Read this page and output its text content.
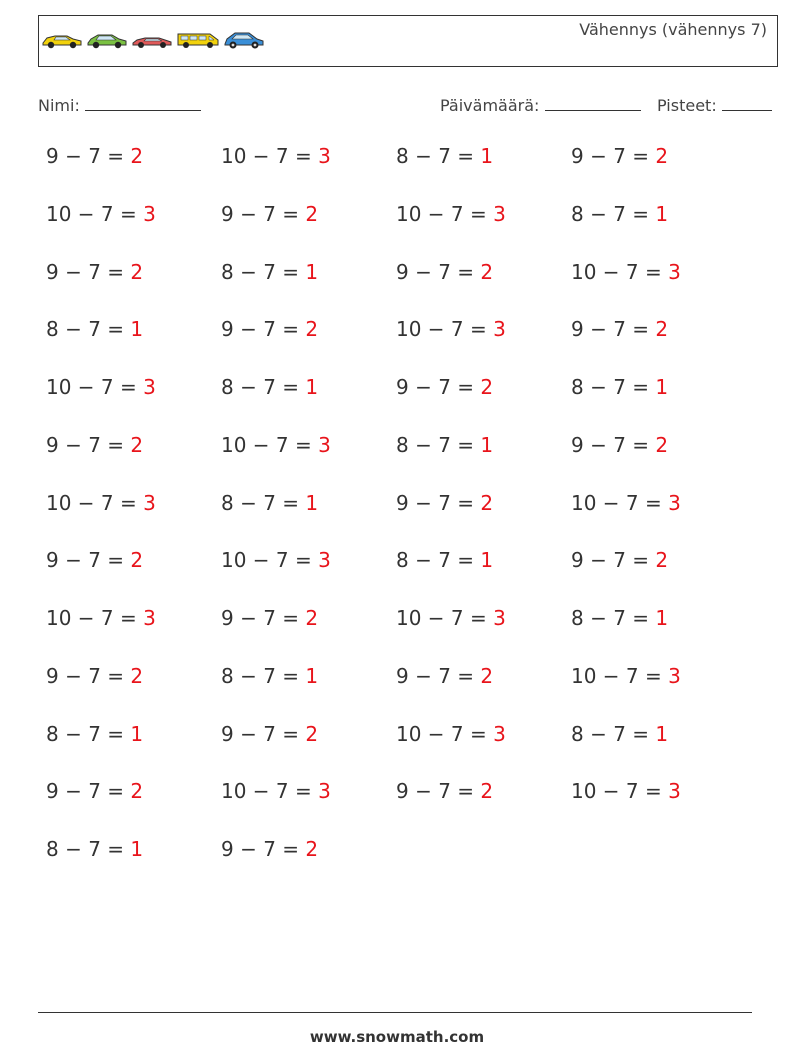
Vähennys (vähennys 7)
Nimi:	Päivämäärä:	Pisteet:
9 − 7 = 2	10 − 7 = 3	8 − 7 = 1	9 − 7 = 2
10 − 7 = 3	9 − 7 = 2	10 − 7 = 3	8 − 7 = 1
9 − 7 = 2	8 − 7 = 1	9 − 7 = 2	10 − 7 = 3
8 − 7 = 1	9 − 7 = 2	10 − 7 = 3	9 − 7 = 2
10 − 7 = 3	8 − 7 = 1	9 − 7 = 2	8 − 7 = 1
9 − 7 = 2	10 − 7 = 3	8 − 7 = 1	9 − 7 = 2
10 − 7 = 3	8 − 7 = 1	9 − 7 = 2	10 − 7 = 3
9 − 7 = 2	10 − 7 = 3	8 − 7 = 1	9 − 7 = 2
10 − 7 = 3	9 − 7 = 2	10 − 7 = 3	8 − 7 = 1
9 − 7 = 2	8 − 7 = 1	9 − 7 = 2	10 − 7 = 3
8 − 7 = 1	9 − 7 = 2	10 − 7 = 3	8 − 7 = 1
9 − 7 = 2	10 − 7 = 3	9 − 7 = 2	10 − 7 = 3
8 − 7 = 1	9 − 7 = 2
www.snowmath.com
